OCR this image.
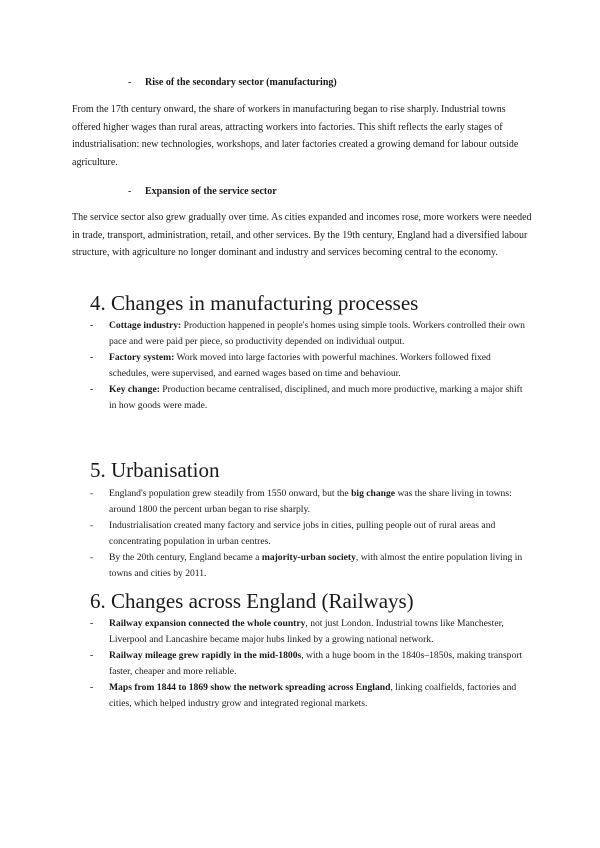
- Rise of the secondary sector (manufacturing)

From the 17th century onward, the share of workers in manufacturing began to rise sharply. Industrial towns offered higher wages than rural areas, attracting workers into factories. This shift reflects the early stages of industrialisation: new technologies, workshops, and later factories created a growing demand for labour outside agriculture.

- Expansion of the service sector

The service sector also grew gradually over time. As cities expanded and incomes rose, more workers were needed in trade, transport, administration, retail, and other services. By the 19th century, England had a diversified labour structure, with agriculture no longer dominant and industry and services becoming central to the economy.

4. Changes in manufacturing processes
- Cottage industry: Production happened in people's homes using simple tools. Workers controlled their own pace and were paid per piece, so productivity depended on individual output.
- Factory system: Work moved into large factories with powerful machines. Workers followed fixed schedules, were supervised, and earned wages based on time and behaviour.
- Key change: Production became centralised, disciplined, and much more productive, marking a major shift in how goods were made.
5. Urbanisation
- England's population grew steadily from 1550 onward, but the big change was the share living in towns: around 1800 the percent urban began to rise sharply.
- Industrialisation created many factory and service jobs in cities, pulling people out of rural areas and concentrating population in urban centres.
- By the 20th century, England became a majority-urban society, with almost the entire population living in towns and cities by 2011.
6. Changes across England (Railways)
- Railway expansion connected the whole country, not just London. Industrial towns like Manchester, Liverpool and Lancashire became major hubs linked by a growing national network.
- Railway mileage grew rapidly in the mid-1800s, with a huge boom in the 1840s–1850s, making transport faster, cheaper and more reliable.
- Maps from 1844 to 1869 show the network spreading across England, linking coalfields, factories and cities, which helped industry grow and integrated regional markets.
